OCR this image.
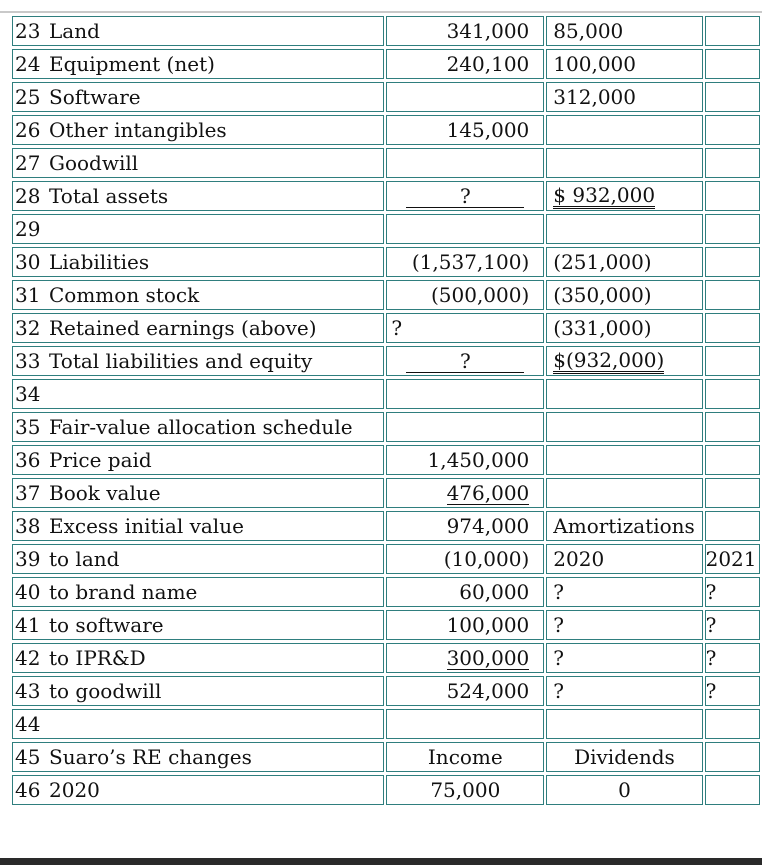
23 Land	341,000	85,000	
24 Equipment (net)	240,100	100,000	
25 Software		312,000	
26 Other intangibles	145,000		
27 Goodwill			
28 Total assets	?	$ 932,000	
29			
30 Liabilities	(1,537,100)	(251,000)	
31 Common stock	(500,000)	(350,000)	
32 Retained earnings (above)	?	(331,000)	
33 Total liabilities and equity	?	$(932,000)	
34			
35 Fair-value allocation schedule			
36 Price paid	1,450,000		
37 Book value	476,000		
38 Excess initial value	974,000	Amortizations	
39 to land	(10,000)	2020	2021
40 to brand name	60,000	?	?
41 to software	100,000	?	?
42 to IPR&D	300,000	?	?
43 to goodwill	524,000	?	?
44			
45 Suaro’s RE changes	Income	Dividends	
46 2020	75,000	0	
